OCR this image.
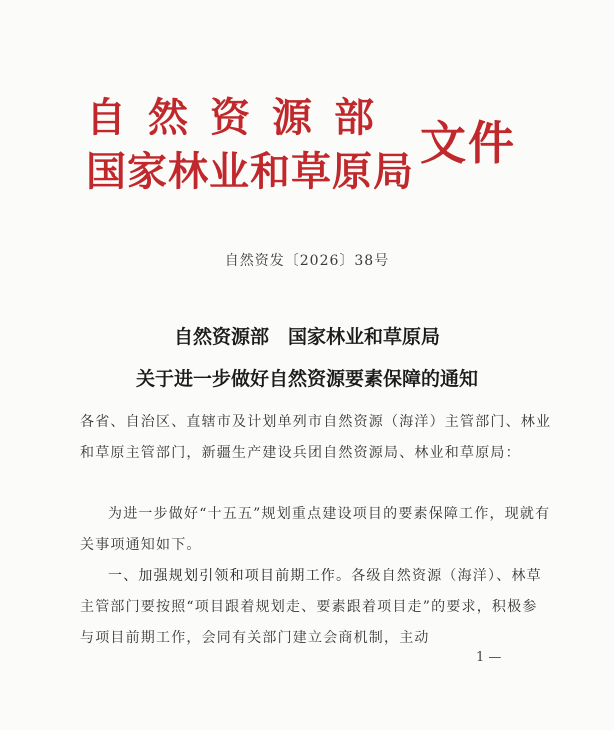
自然资源部
国家林业和草原局
文件
自然资发〔2026〕38号
自然资源部　国家林业和草原局
关于进一步做好自然资源要素保障的通知
各省、自治区、直辖市及计划单列市自然资源（海洋）主管部门、林业和草原主管部门，新疆生产建设兵团自然资源局、林业和草原局：
为进一步做好“十五五”规划重点建设项目的要素保障工作，现就有关事项通知如下。
一、加强规划引领和项目前期工作。各级自然资源（海洋）、林草主管部门要按照“项目跟着规划走、要素跟着项目走”的要求，积极参与项目前期工作，会同有关部门建立会商机制，主动
1 —
